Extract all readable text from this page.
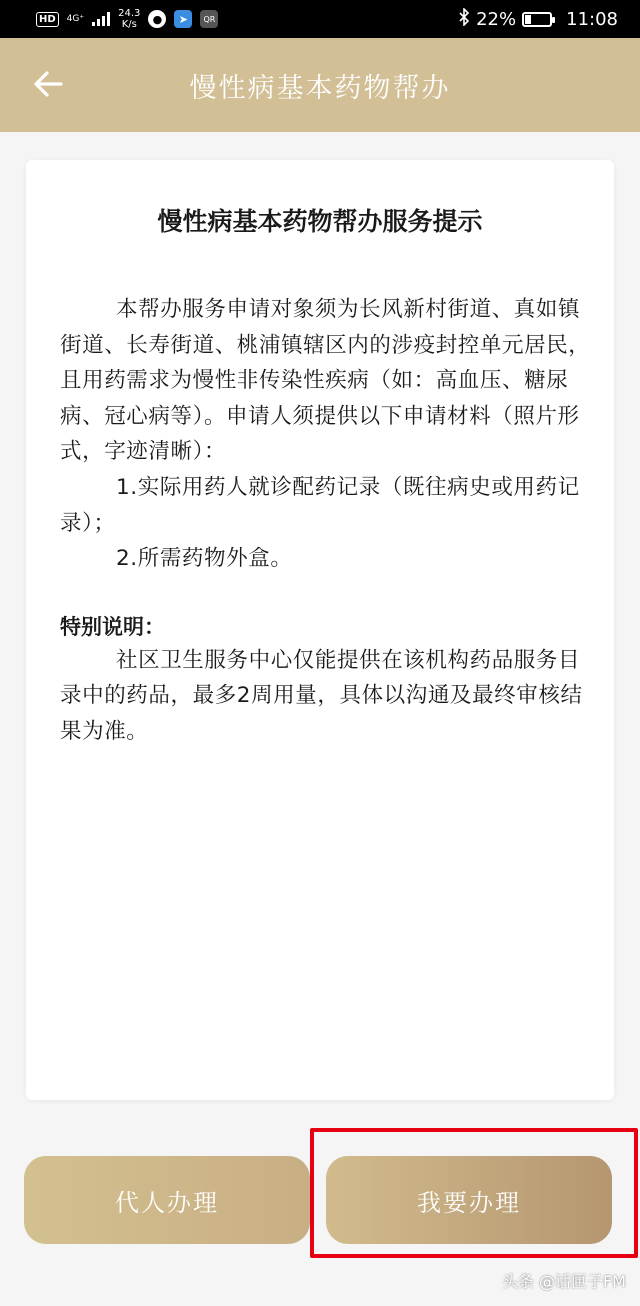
HD	4G⁺	24.3
K/s	●	➤	QR	22%	11:08
慢性病基本药物帮办
慢性病基本药物帮办服务提示

本帮办服务申请对象须为长风新村街道、真如镇街道、长寿街道、桃浦镇辖区内的涉疫封控单元居民，且用药需求为慢性非传染性疾病（如：高血压、糖尿病、冠心病等）。申请人须提供以下申请材料（照片形式，字迹清晰）：

1.实际用药人就诊配药记录（既往病史或用药记录）；

2.所需药物外盒。

特别说明：

社区卫生服务中心仅能提供在该机构药品服务目录中的药品，最多2周用量，具体以沟通及最终审核结果为准。

代人办理	我要办理
头条 @话匣子FM
